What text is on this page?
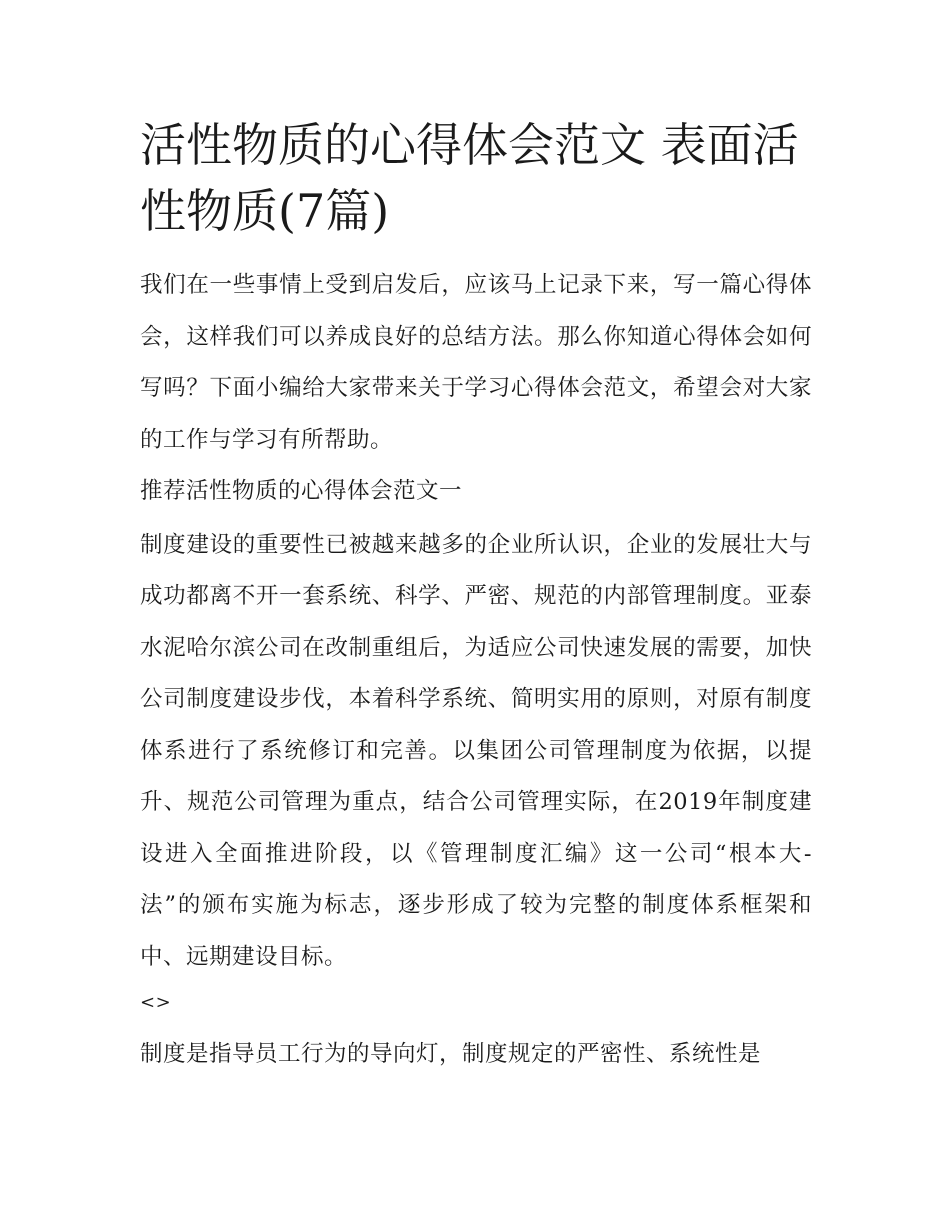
活性物质的心得体会范文 表面活性物质(7篇)

我们在一些事情上受到启发后，应该马上记录下来，写一篇心得体会，这样我们可以养成良好的总结方法。那么你知道心得体会如何写吗？下面小编给大家带来关于学习心得体会范文，希望会对大家的工作与学习有所帮助。

推荐活性物质的心得体会范文一

制度建设的重要性已被越来越多的企业所认识，企业的发展壮大与成功都离不开一套系统、科学、严密、规范的内部管理制度。亚泰水泥哈尔滨公司在改制重组后，为适应公司快速发展的需要，加快公司制度建设步伐，本着科学系统、简明实用的原则，对原有制度体系进行了系统修订和完善。以集团公司管理制度为依据，以提升、规范公司管理为重点，结合公司管理实际，在2019年制度建设进入全面推进阶段，以《管理制度汇编》这一公司“根本大-法”的颁布实施为标志，逐步形成了较为完整的制度体系框架和中、远期建设目标。

<>

制度是指导员工行为的导向灯，制度规定的严密性、系统性是
